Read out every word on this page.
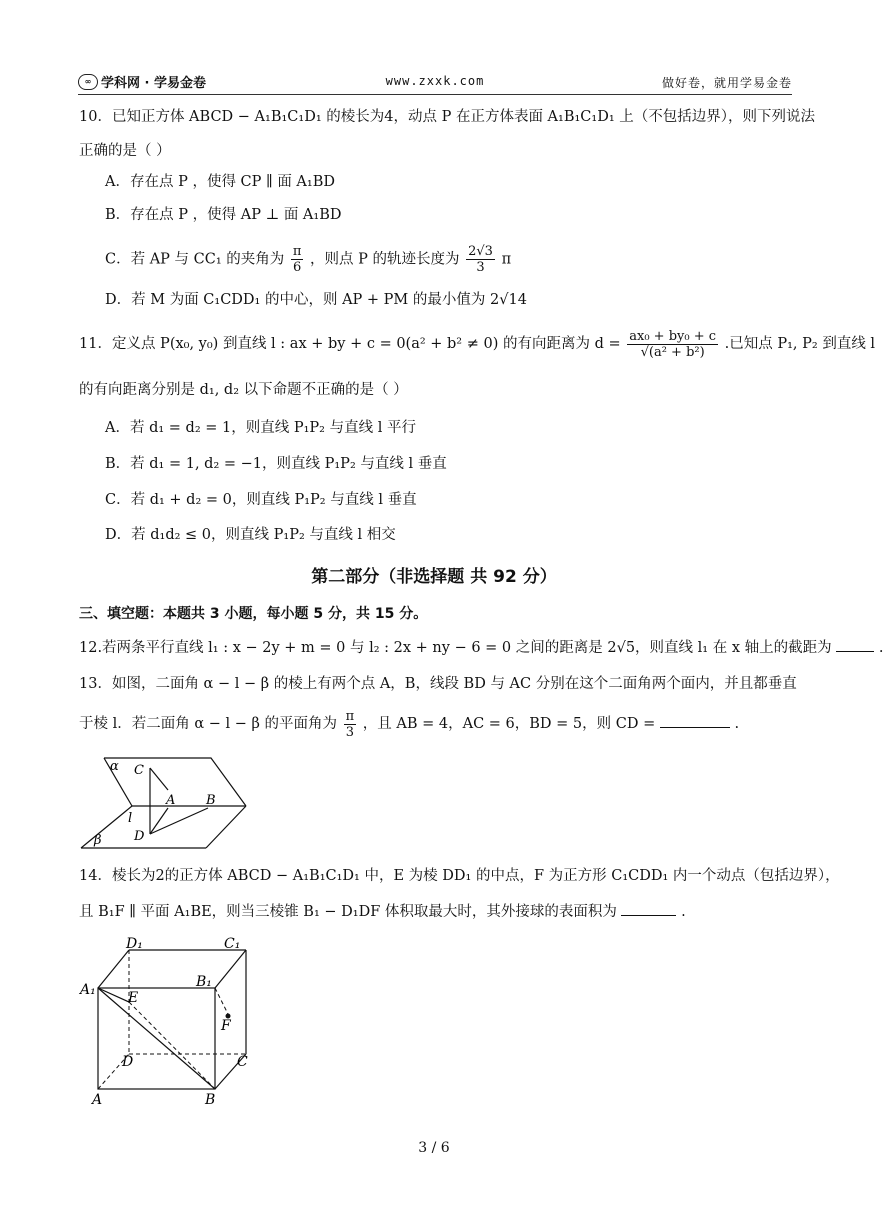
∞ 学科网 · 学易金卷	www.zxxk.com	做好卷，就用学易金卷
10．已知正方体 ABCD − A₁B₁C₁D₁ 的棱长为4，动点 P 在正方体表面 A₁B₁C₁D₁ 上（不包括边界），则下列说法
正确的是（ ）
A．存在点 P ，使得 CP ∥ 面 A₁BD
B．存在点 P ，使得 AP ⊥ 面 A₁BD
C．若 AP 与 CC₁ 的夹角为 $\frac{\pi}{6}$ ，则点 P 的轨迹长度为 $\frac{2√3}{3}$ π
D．若 M 为面 C₁CDD₁ 的中心，则 AP + PM 的最小值为 2√14
11．定义点 P(x₀, y₀) 到直线 l : ax + by + c = 0(a² + b² ≠ 0) 的有向距离为 $d = \frac{\text{ax₀ + by₀ + c}}{\text{√(a² + b²)}}$ .已知点 P₁, P₂ 到直线 l
的有向距离分别是 d₁, d₂ 以下命题不正确的是（ ）
A．若 d₁ = d₂ = 1，则直线 P₁P₂ 与直线 l 平行
B．若 d₁ = 1, d₂ = −1，则直线 P₁P₂ 与直线 l 垂直
C．若 d₁ + d₂ = 0，则直线 P₁P₂ 与直线 l 垂直
D．若 d₁d₂ ≤ 0，则直线 P₁P₂ 与直线 l 相交
第二部分（非选择题 共 92 分）
三、填空题：本题共 3 小题，每小题 5 分，共 15 分。
12.若两条平行直线 l₁ : x − 2y + m = 0 与 l₂ : 2x + ny − 6 = 0 之间的距离是 2√5，则直线 l₁ 在 x 轴上的截距为	.
13．如图，二面角 α − l − β 的棱上有两个点 A，B，线段 BD 与 AC 分别在这个二面角两个面内，并且都垂直
于棱 l．若二面角 α − l − β 的平面角为 $\frac{\pi}{3}$ ，且 AB = 4，AC = 6，BD = 5，则 CD =	.
α C
A B
l
D
β
14．棱长为2的正方体 ABCD − A₁B₁C₁D₁ 中，E 为棱 DD₁ 的中点，F 为正方形 C₁CDD₁ 内一个动点（包括边界），
且 B₁F ∥ 平面 A₁BE，则当三棱锥 B₁ − D₁DF 体积取最大时，其外接球的表面积为	.
D₁	C₁
A₁	B₁
E
F
D	C
A	B
3 / 6
